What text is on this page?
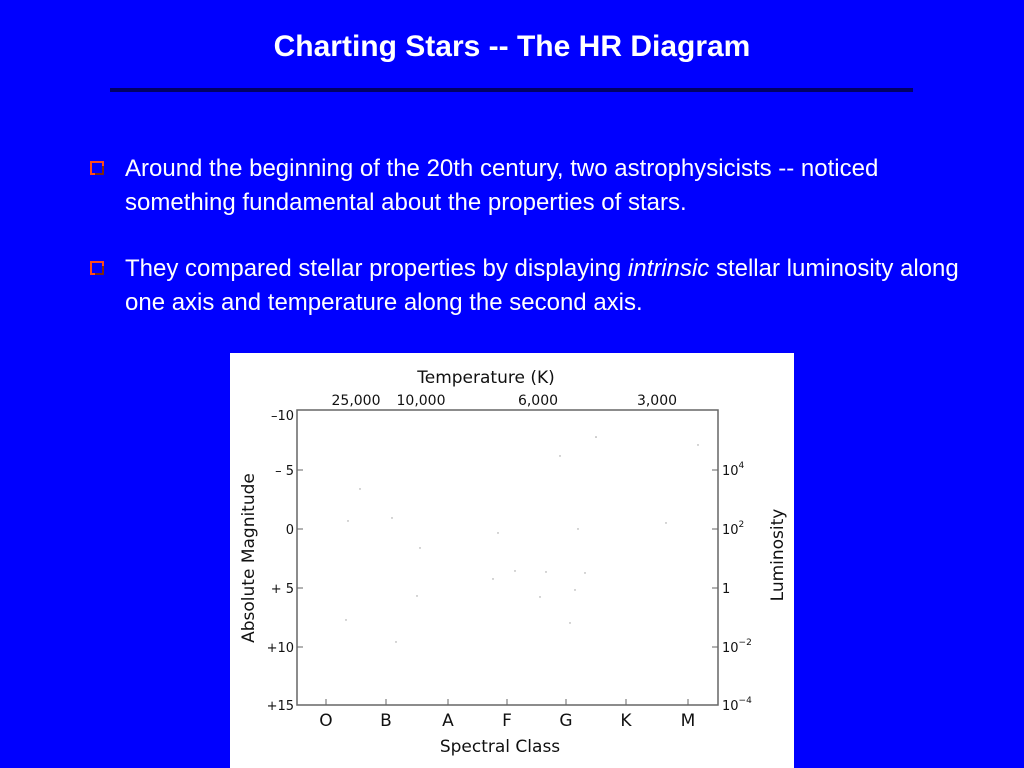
Charting Stars -- The HR Diagram
Around the beginning of the 20th century, two astrophysicists -- noticed something fundamental about the properties of stars.
They compared stellar properties by displaying intrinsic stellar luminosity along one axis and temperature along the second axis.
Temperature (K)
25,000 10,000	6,000	3,000
Absolute Magnitude
–10
– 5
0
+ 5
+10
+15
Luminosity
$10^4$
$10^2$
1
$10^{-2}$
$10^{-4}$
O	B	A	F	G	K	M
Spectral Class
